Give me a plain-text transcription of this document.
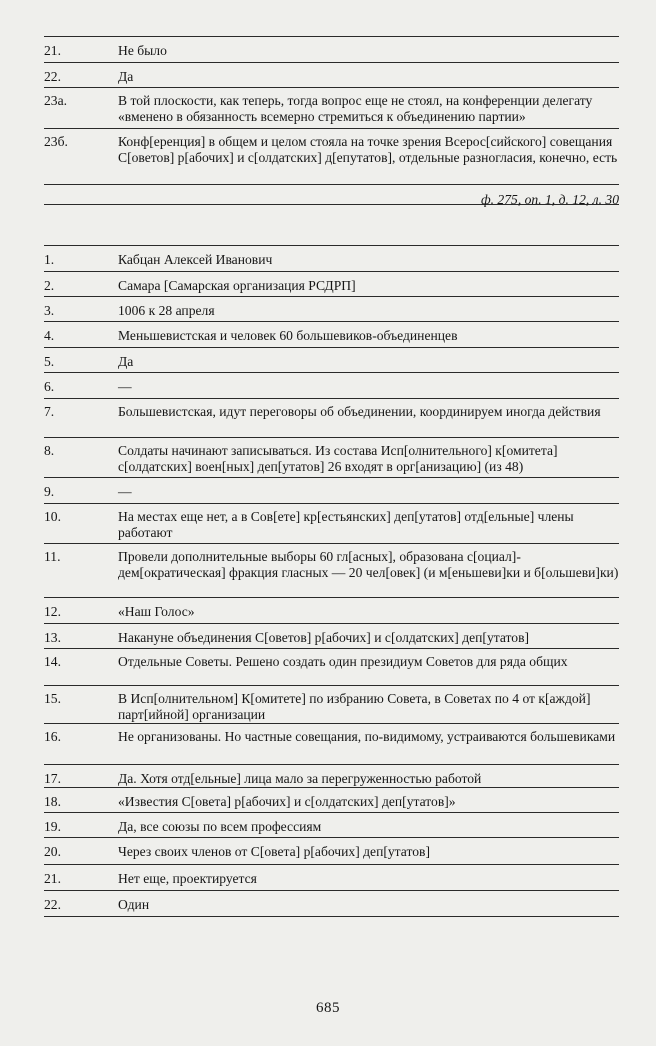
21.	Не было
22.	Да
23а.	В той плоскости, как теперь, тогда вопрос еще не стоял, на конференции делегату «вменено в обязанность всемерно стремиться к объединению партии»
23б.	Конф[еренция] в общем и целом стояла на точке зрения Всерос[сийского] совещания С[оветов] р[абочих] и с[олдатских] д[епутатов], отдельные разногласия, конечно, есть
ф. 275, оп. 1, д. 12, л. 30
1.	Кабцан Алексей Иванович
2.	Самара [Самарская организация РСДРП]
3.	1006 к 28 апреля
4.	Меньшевистская и человек 60 большевиков-объединенцев
5.	Да
6.	—
7.	Большевистская, идут переговоры об объединении, координируем иногда действия
8.	Солдаты начинают записываться. Из состава Исп[олнительного] к[омитета] с[олдатских] воен[ных] деп[утатов] 26 входят в орг[анизацию] (из 48)
9.	—
10.	На местах еще нет, а в Сов[ете] кр[естьянских] деп[утатов] отд[ельные] члены работают
11.	Провели дополнительные выборы 60 гл[асных], образована с[оциал]-дем[ократическая] фракция гласных — 20 чел[овек] (и м[еньшеви]ки и б[ольшеви]ки)
12.	«Наш Голос»
13.	Накануне объединения С[оветов] р[абочих] и с[олдатских] деп[утатов]
14.	Отдельные Советы. Решено создать один президиум Советов для ряда общих
15.	В Исп[олнительном] К[омитете] по избранию Совета, в Советах по 4 от к[аждой] парт[ийной] организации
16.	Не организованы. Но частные совещания, по-видимому, устраиваются большевиками
17.	Да. Хотя отд[ельные] лица мало за перегруженностью работой
18.	«Известия С[овета] р[абочих] и с[олдатских] деп[утатов]»
19.	Да, все союзы по всем профессиям
20.	Через своих членов от С[овета] р[абочих] деп[утатов]
21.	Нет еще, проектируется
22.	Один
685
